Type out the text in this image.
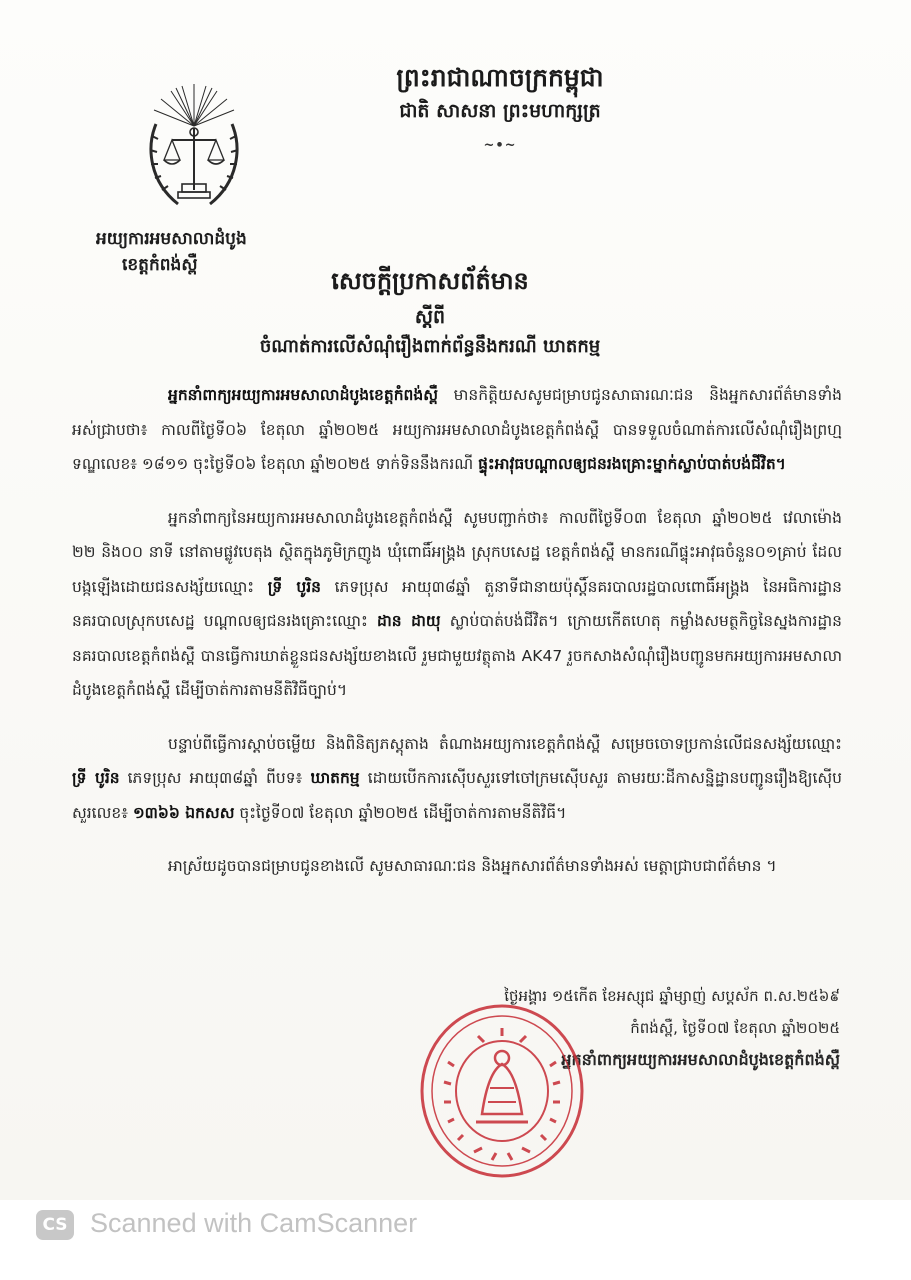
អយ្យការអមសាលាដំបូង
ខេត្តកំពង់ស្ពឺ
ព្រះរាជាណាចក្រកម្ពុជា
ជាតិ សាសនា ព្រះមហាក្សត្រ
~•~
សេចក្តីប្រកាសព័ត៌មាន
ស្តីពី
ចំណាត់ការលើសំណុំរឿងពាក់ព័ន្ធនឹងករណី ឃាតកម្ម

អ្នកនាំពាក្យអយ្យការអមសាលាដំបូងខេត្តកំពង់ស្ពឺ មានកិត្តិយសសូមជម្រាបជូនសាធារណៈជន និងអ្នកសារព័ត៌មានទាំងអស់ជ្រាបថា៖ កាលពីថ្ងៃទី០៦ ខែតុលា ឆ្នាំ២០២៥ អយ្យការអមសាលាដំបូងខេត្តកំពង់ស្ពឺ បានទទួលចំណាត់ការលើសំណុំរឿងព្រហ្មទណ្ឌលេខ៖ ១៨១១ ចុះថ្ងៃទី០៦ ខែតុលា ឆ្នាំ២០២៥ ទាក់ទិននឹងករណី ផ្ទុះអាវុធបណ្តាលឲ្យជនរងគ្រោះម្នាក់ស្លាប់បាត់បង់ជីវិត។

អ្នកនាំពាក្យនៃអយ្យការអមសាលាដំបូងខេត្តកំពង់ស្ពឺ សូមបញ្ជាក់ថា៖ កាលពីថ្ងៃទី០៣ ខែតុលា ឆ្នាំ២០២៥ វេលាម៉ោង ២២ និង០០ នាទី នៅតាមផ្លូវបេតុង ស្ថិតក្នុងភូមិក្រញូង ឃុំពោធិ៍អង្គ្រង ស្រុកបសេដ្ឋ ខេត្តកំពង់ស្ពឺ មានករណីផ្ទុះអាវុធចំនួន០១គ្រាប់ ដែលបង្កឡើងដោយជនសង្ស័យឈ្មោះ ទ្រី បូរិន ភេទប្រុស អាយុ៣៨ឆ្នាំ តួនាទីជានាយប៉ុស្តិ៍នគរបាលរដ្ឋបាលពោធិ៍អង្គ្រង នៃអធិការដ្ឋាននគរបាលស្រុកបសេដ្ឋ បណ្តាលឲ្យជនរងគ្រោះឈ្មោះ ដាន ដាយុ ស្លាប់បាត់បង់ជីវិត។ ក្រោយកើតហេតុ កម្លាំងសមត្ថកិច្ចនៃស្នងការដ្ឋាននគរបាលខេត្តកំពង់ស្ពឺ បានធ្វើការឃាត់ខ្លួនជនសង្ស័យខាងលើ រួមជាមួយវត្ថុតាង AK47 រួចកសាងសំណុំរឿងបញ្ជូនមកអយ្យការអមសាលាដំបូងខេត្តកំពង់ស្ពឺ ដើម្បីចាត់ការតាមនីតិវិធីច្បាប់។

បន្ទាប់ពីធ្វើការស្តាប់ចម្លើយ និងពិនិត្យភស្តុតាង តំណាងអយ្យការខេត្តកំពង់ស្ពឺ សម្រេចចោទប្រកាន់លើជនសង្ស័យឈ្មោះ ទ្រី បូរិន ភេទប្រុស អាយុ៣៨ឆ្នាំ ពីបទ៖ ឃាតកម្ម ដោយបើកការស៊ើបសួរទៅចៅក្រមស៊ើបសួរ តាមរយៈដីកាសន្និដ្ឋានបញ្ជូនរឿងឱ្យស៊ើបសួរលេខ៖ ១៣៦៦ ឯកសស ចុះថ្ងៃទី០៧ ខែតុលា ឆ្នាំ២០២៥ ដើម្បីចាត់ការតាមនីតិវិធី។

អាស្រ័យដូចបានជម្រាបជូនខាងលើ សូមសាធារណៈជន និងអ្នកសារព័ត៌មានទាំងអស់ មេត្តាជ្រាបជាព័ត៌មាន ។

ថ្ងៃអង្គារ ១៥កើត ខែអស្សុជ ឆ្នាំម្សាញ់ សប្តស័ក ព.ស.២៥៦៩
កំពង់ស្ពឺ, ថ្ងៃទី០៧ ខែតុលា ឆ្នាំ២០២៥
អ្នកនាំពាក្យអយ្យការអមសាលាដំបូងខេត្តកំពង់ស្ពឺ
CS Scanned with CamScanner
